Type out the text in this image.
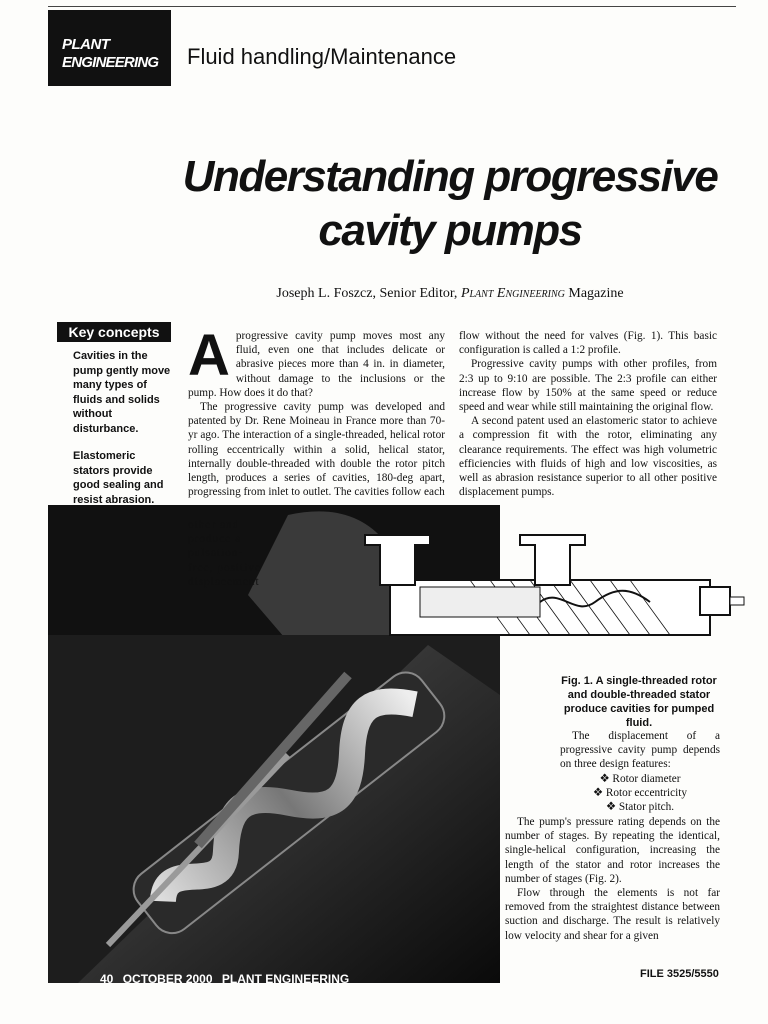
PLANT
ENGINEERING Fluid handling/Maintenance
Understanding progressive
cavity pumps
Joseph L. Foszcz, Senior Editor, Plant Engineering Magazine
Key concepts
Cavities in the pump gently move many types of fluids and solids without disturbance.
Elastomeric stators provide good sealing and resist abrasion.
A progressive cavity pump moves most any fluid, even one that includes delicate or abrasive pieces more than 4 in. in diameter, without damage to the inclusions or the pump. How does it do that?

The progressive cavity pump was developed and patented by Dr. Rene Moineau in France more than 70-yr ago. The interaction of a single-threaded, helical rotor rolling eccentrically within a solid, helical stator, internally double-threaded with double the rotor pitch length, produces a series of cavities, 180-deg apart, progressing from inlet to outlet. The cavities follow each

other and produce a pulsation-free, positive displacement

flow without the need for valves (Fig. 1). This basic configuration is called a 1:2 profile.

Progressive cavity pumps with other profiles, from 2:3 up to 9:10 are possible. The 2:3 profile can either increase flow by 150% at the same speed or reduce speed and wear while still maintaining the original flow.

A second patent used an elastomeric stator to achieve a compression fit with the rotor, eliminating any clearance requirements. The effect was high volumetric efficiencies with fluids of high and low viscosities, as well as abrasion resistance superior to all other positive displacement pumps.

Fig. 1. A single-threaded rotor and double-threaded stator produce cavities for pumped fluid.

The displacement of a progressive cavity pump depends on three design features:

❖ Rotor diameter
❖ Rotor eccentricity
❖ Stator pitch.

The pump's pressure rating depends on the number of stages. By repeating the identical, single-helical configuration, increasing the length of the stator and rotor increases the number of stages (Fig. 2).

Flow through the elements is not far removed from the straightest distance between suction and discharge. The result is relatively low velocity and shear for a given

40 OCTOBER 2000 PLANT ENGINEERING	FILE 3525/5550
